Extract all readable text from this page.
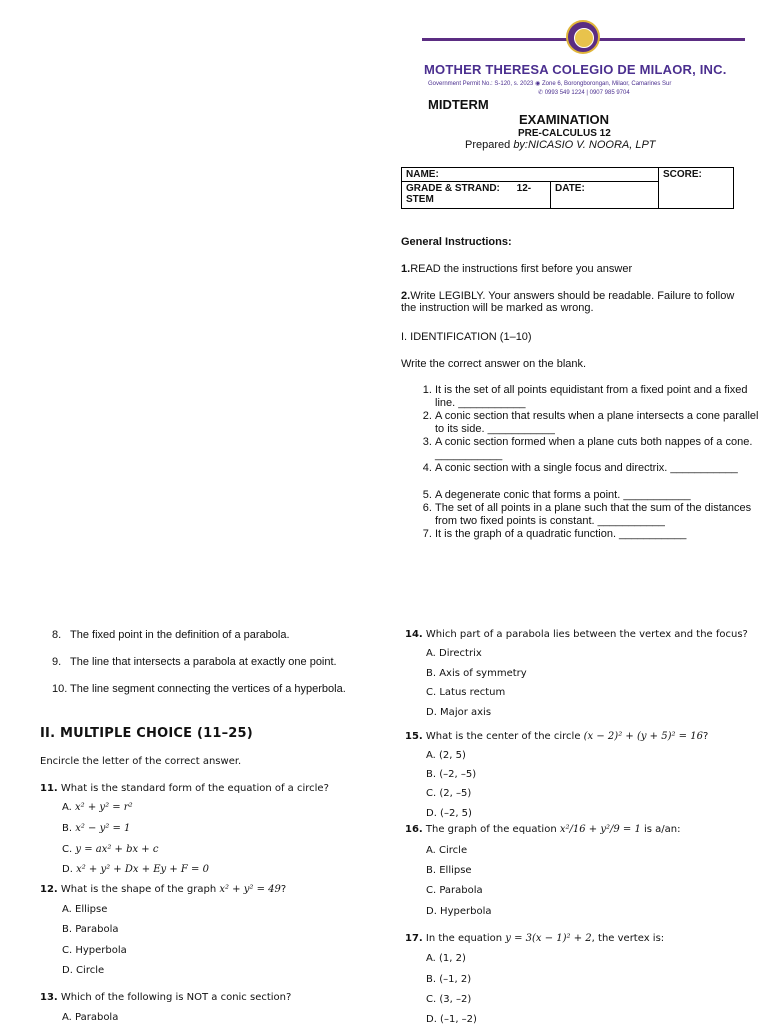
MOTHER THERESA COLEGIO DE MILAOR, INC.
Government Permit No.: S-120, s. 2023 ◉ Zone 6, Borongborongan, Milaor, Camarines Sur
✆ 0993 549 1224 | 0907 985 9704
MIDTERM
EXAMINATION
PRE-CALCULUS 12
Prepared by:NICASIO V. NOORA, LPT
NAME:		SCORE:
GRADE & STRAND: 12-
STEM	DATE:	
General Instructions:
1.READ the instructions first before you answer
2.Write LEGIBLY. Your answers should be readable. Failure to follow the instruction will be marked as wrong.
I. IDENTIFICATION (1–10)
Write the correct answer on the blank.
1. It is the set of all points equidistant from a fixed point and a fixed line. ___________
2. A conic section that results when a plane intersects a cone parallel to its side. ___________
3. A conic section formed when a plane cuts both nappes of a cone. ___________
4. A conic section with a single focus and directrix. ___________
5. A degenerate conic that forms a point. ___________
6. The set of all points in a plane such that the sum of the distances from two fixed points is constant. ___________
7. It is the graph of a quadratic function. ___________
8. The fixed point in the definition of a parabola.
9. The line that intersects a parabola at exactly one point.
10. The line segment connecting the vertices of a hyperbola.
II. MULTIPLE CHOICE (11–25)
Encircle the letter of the correct answer.
11. What is the standard form of the equation of a circle?
A. x² + y² = r²
B. x² − y² = 1
C. y = ax² + bx + c
D. x² + y² + Dx + Ey + F = 0
12. What is the shape of the graph x² + y² = 49?
A. Ellipse
B. Parabola
C. Hyperbola
D. Circle
13. Which of the following is NOT a conic section?
A. Parabola
14. Which part of a parabola lies between the vertex and the focus?
A. Directrix
B. Axis of symmetry
C. Latus rectum
D. Major axis
15. What is the center of the circle (x − 2)² + (y + 5)² = 16?
A. (2, 5)
B. (–2, –5)
C. (2, –5)
D. (–2, 5)
16. The graph of the equation x²/16 + y²/9 = 1 is a/an:
A. Circle
B. Ellipse
C. Parabola
D. Hyperbola
17. In the equation y = 3(x − 1)² + 2, the vertex is:
A. (1, 2)
B. (–1, 2)
C. (3, –2)
D. (–1, –2)
